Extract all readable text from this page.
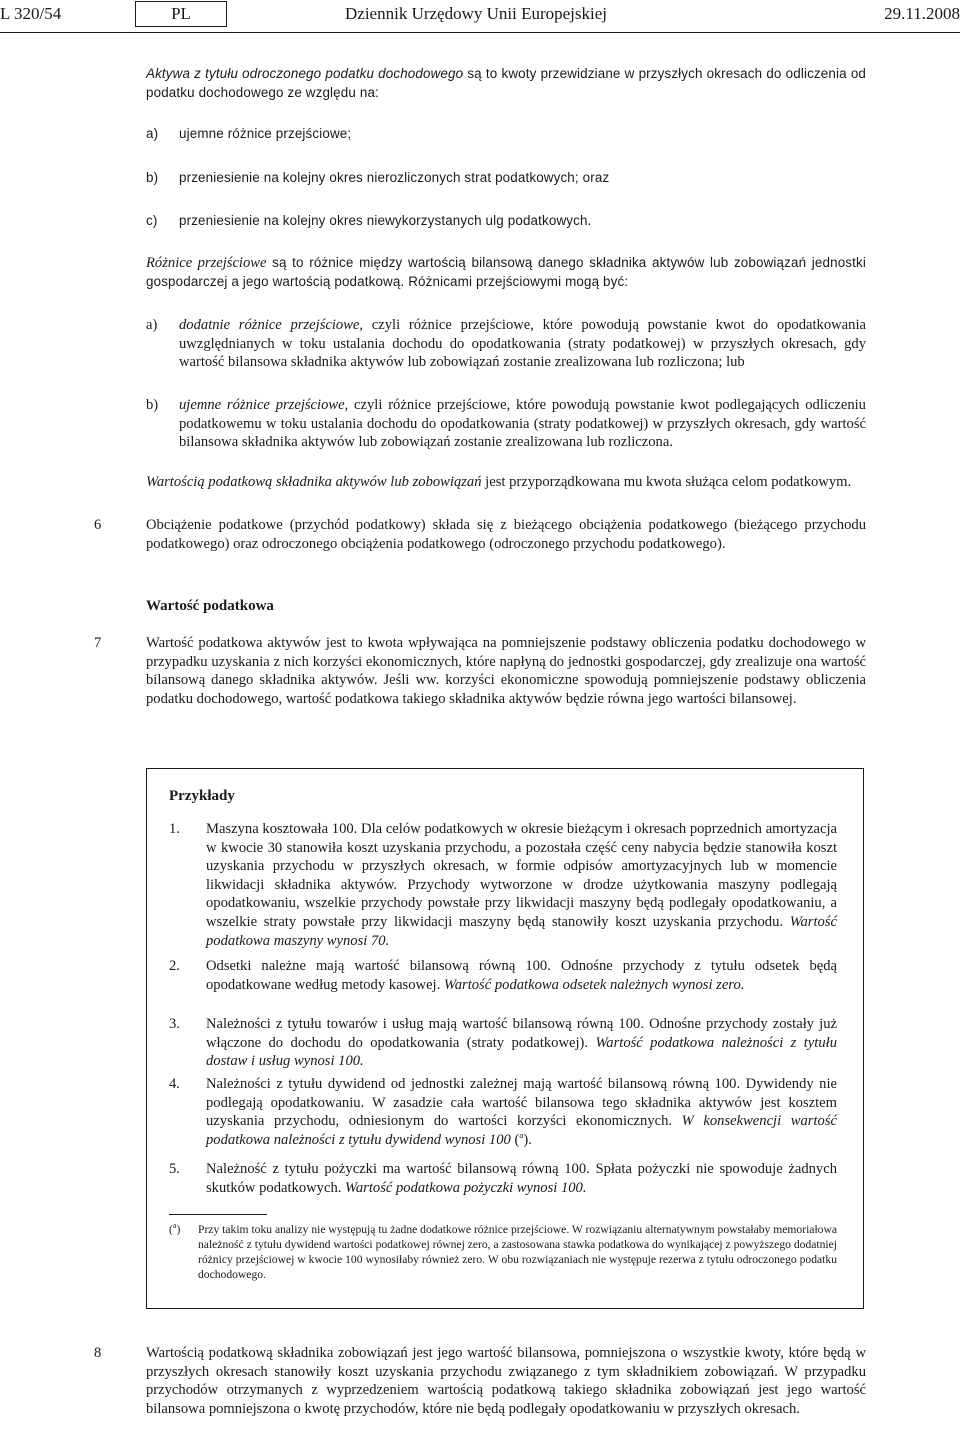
L 320/54	PL	Dziennik Urzędowy Unii Europejskiej	29.11.2008
Aktywa z tytułu odroczonego podatku dochodowego są to kwoty przewidziane w przyszłych okresach do odliczenia od podatku dochodowego ze względu na:
a) ujemne różnice przejściowe;
b) przeniesienie na kolejny okres nierozliczonych strat podatkowych; oraz
c) przeniesienie na kolejny okres niewykorzystanych ulg podatkowych.
Różnice przejściowe są to różnice między wartością bilansową danego składnika aktywów lub zobowiązań jednostki gospodarczej a jego wartością podatkową. Różnicami przejściowymi mogą być:
a) dodatnie różnice przejściowe, czyli różnice przejściowe, które powodują powstanie kwot do opodatkowania uwzględnianych w toku ustalania dochodu do opodatkowania (straty podatkowej) w przyszłych okresach, gdy wartość bilansowa składnika aktywów lub zobowiązań zostanie zrealizowana lub rozliczona; lub
b) ujemne różnice przejściowe, czyli różnice przejściowe, które powodują powstanie kwot podlegających odliczeniu podatkowemu w toku ustalania dochodu do opodatkowania (straty podatkowej) w przyszłych okresach, gdy wartość bilansowa składnika aktywów lub zobowiązań zostanie zrealizowana lub rozliczona.
Wartością podatkową składnika aktywów lub zobowiązań jest przyporządkowana mu kwota służąca celom podatkowym.
6	Obciążenie podatkowe (przychód podatkowy) składa się z bieżącego obciążenia podatkowego (bieżącego przychodu podatkowego) oraz odroczonego obciążenia podatkowego (odroczonego przychodu podatkowego).
Wartość podatkowa
7	Wartość podatkowa aktywów jest to kwota wpływająca na pomniejszenie podstawy obliczenia podatku dochodowego w przypadku uzyskania z nich korzyści ekonomicznych, które napłyną do jednostki gospodarczej, gdy zrealizuje ona wartość bilansową danego składnika aktywów. Jeśli ww. korzyści ekonomiczne spowodują pomniejszenie podstawy obliczenia podatku dochodowego, wartość podatkowa takiego składnika aktywów będzie równa jego wartości bilansowej.
Przykłady
1. Maszyna kosztowała 100. Dla celów podatkowych w okresie bieżącym i okresach poprzednich amortyzacja w kwocie 30 stanowiła koszt uzyskania przychodu, a pozostała część ceny nabycia będzie stanowiła koszt uzyskania przychodu w przyszłych okresach, w formie odpisów amortyzacyjnych lub w momencie likwidacji składnika aktywów. Przychody wytworzone w drodze użytkowania maszyny podlegają opodatkowaniu, wszelkie przychody powstałe przy likwidacji maszyny będą podlegały opodatkowaniu, a wszelkie straty powstałe przy likwidacji maszyny będą stanowiły koszt uzyskania przychodu. Wartość podatkowa maszyny wynosi 70.
2. Odsetki należne mają wartość bilansową równą 100. Odnośne przychody z tytułu odsetek będą opodatkowane według metody kasowej. Wartość podatkowa odsetek należnych wynosi zero.
3. Należności z tytułu towarów i usług mają wartość bilansową równą 100. Odnośne przychody zostały już włączone do dochodu do opodatkowania (straty podatkowej). Wartość podatkowa należności z tytułu dostaw i usług wynosi 100.
4. Należności z tytułu dywidend od jednostki zależnej mają wartość bilansową równą 100. Dywidendy nie podlegają opodatkowaniu. W zasadzie cała wartość bilansowa tego składnika aktywów jest kosztem uzyskania przychodu, odniesionym do wartości korzyści ekonomicznych. W konsekwencji wartość podatkowa należności z tytułu dywidend wynosi 100 ($^a$).
5. Należność z tytułu pożyczki ma wartość bilansową równą 100. Spłata pożyczki nie spowoduje żadnych skutków podatkowych. Wartość podatkowa pożyczki wynosi 100.
($^a$) Przy takim toku analizy nie występują tu żadne dodatkowe różnice przejściowe. W rozwiązaniu alternatywnym powstałaby memoriałowa należność z tytułu dywidend wartości podatkowej równej zero, a zastosowana stawka podatkowa do wynikającej z powyższego dodatniej różnicy przejściowej w kwocie 100 wynosiłaby również zero. W obu rozwiązaniach nie występuje rezerwa z tytułu odroczonego podatku dochodowego.
8	Wartością podatkową składnika zobowiązań jest jego wartość bilansowa, pomniejszona o wszystkie kwoty, które będą w przyszłych okresach stanowiły koszt uzyskania przychodu związanego z tym składnikiem zobowiązań. W przypadku przychodów otrzymanych z wyprzedzeniem wartością podatkową takiego składnika zobowiązań jest jego wartość bilansowa pomniejszona o kwotę przychodów, które nie będą podlegały opodatkowaniu w przyszłych okresach.
